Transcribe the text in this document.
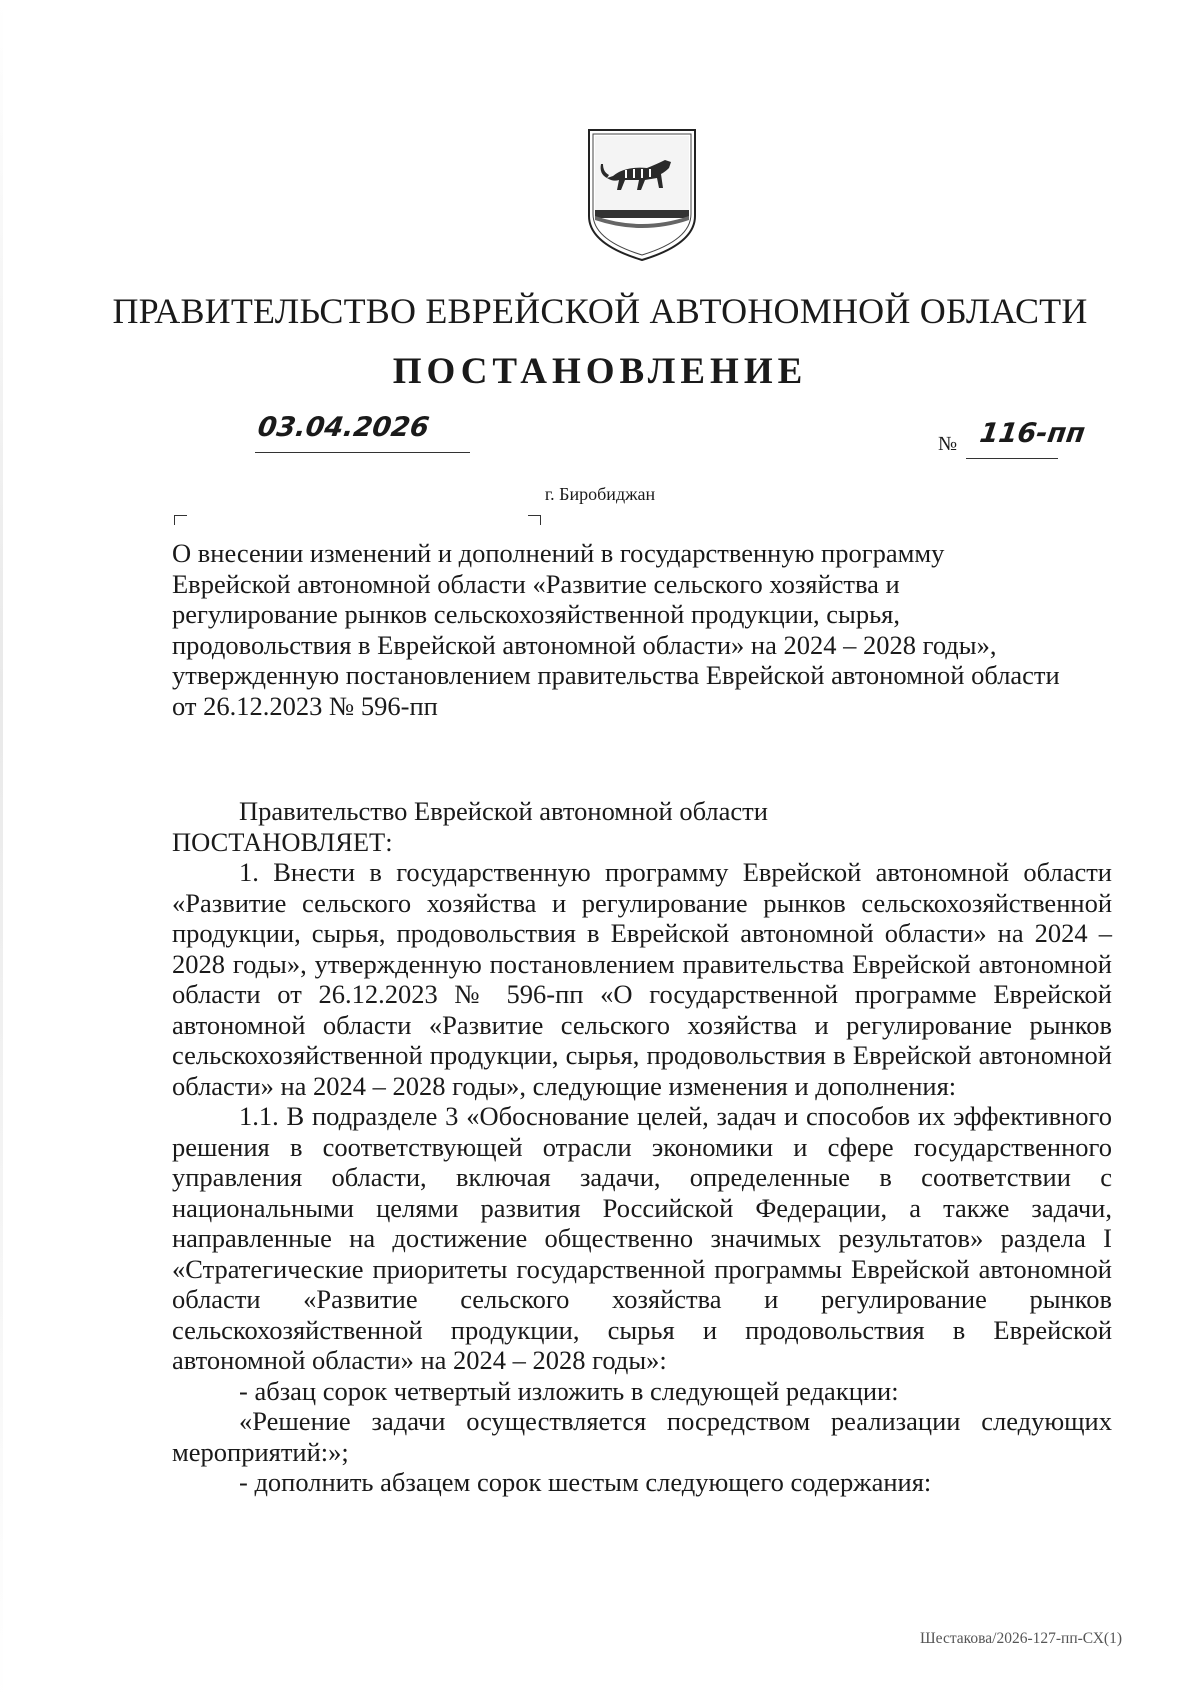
ПРАВИТЕЛЬСТВО ЕВРЕЙСКОЙ АВТОНОМНОЙ ОБЛАСТИ
ПОСТАНОВЛЕНИЕ
03.04.2026
№ 116-пп
г. Биробиджан

О внесении изменений и дополнений в государственную программу

Еврейской автономной области «Развитие сельского хозяйства и

регулирование рынков сельскохозяйственной продукции, сырья,

продовольствия в Еврейской автономной области» на 2024 – 2028 годы»,

утвержденную постановлением правительства Еврейской автономной области

от 26.12.2023 № 596-пп

Правительство Еврейской автономной области

ПОСТАНОВЛЯЕТ:

1. Внести в государственную программу Еврейской автономной области «Развитие сельского хозяйства и регулирование рынков сельскохозяйственной продукции, сырья, продовольствия в Еврейской автономной области» на 2024 – 2028 годы», утвержденную постановлением правительства Еврейской автономной области от 26.12.2023 № 596-пп «О государственной программе Еврейской автономной области «Развитие сельского хозяйства и регулирование рынков сельскохозяйственной продукции, сырья, продовольствия в Еврейской автономной области» на 2024 – 2028 годы», следующие изменения и дополнения:

1.1. В подразделе 3 «Обоснование целей, задач и способов их эффективного решения в соответствующей отрасли экономики и сфере государственного управления области, включая задачи, определенные в соответствии с национальными целями развития Российской Федерации, а также задачи, направленные на достижение общественно значимых результатов» раздела I «Стратегические приоритеты государственной программы Еврейской автономной области «Развитие сельского хозяйства и регулирование рынков сельскохозяйственной продукции, сырья и продовольствия в Еврейской автономной области» на 2024 – 2028 годы»:

- абзац сорок четвертый изложить в следующей редакции:

«Решение задачи осуществляется посредством реализации следующих мероприятий:»;

- дополнить абзацем сорок шестым следующего содержания:

Шестакова/2026-127-пп-СХ(1)
